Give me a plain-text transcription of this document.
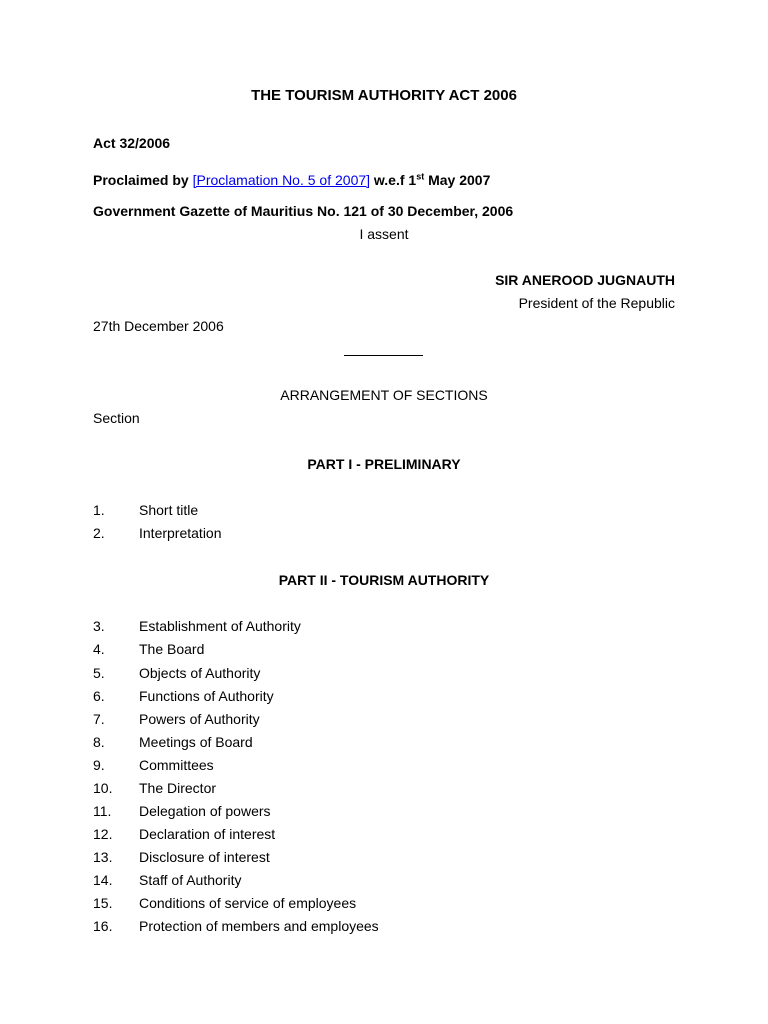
THE TOURISM AUTHORITY ACT 2006
Act 32/2006
Proclaimed by [Proclamation No. 5 of 2007] w.e.f 1st May 2007
Government Gazette of Mauritius No. 121 of 30 December, 2006
I assent
SIR ANEROOD JUGNAUTH
President of the Republic
27th December 2006
ARRANGEMENT OF SECTIONS
Section
PART I - PRELIMINARY
1. Short title
2. Interpretation
PART II - TOURISM AUTHORITY
3. Establishment of Authority
4. The Board
5. Objects of Authority
6. Functions of Authority
7. Powers of Authority
8. Meetings of Board
9. Committees
10. The Director
11. Delegation of powers
12. Declaration of interest
13. Disclosure of interest
14. Staff of Authority
15. Conditions of service of employees
16. Protection of members and employees
